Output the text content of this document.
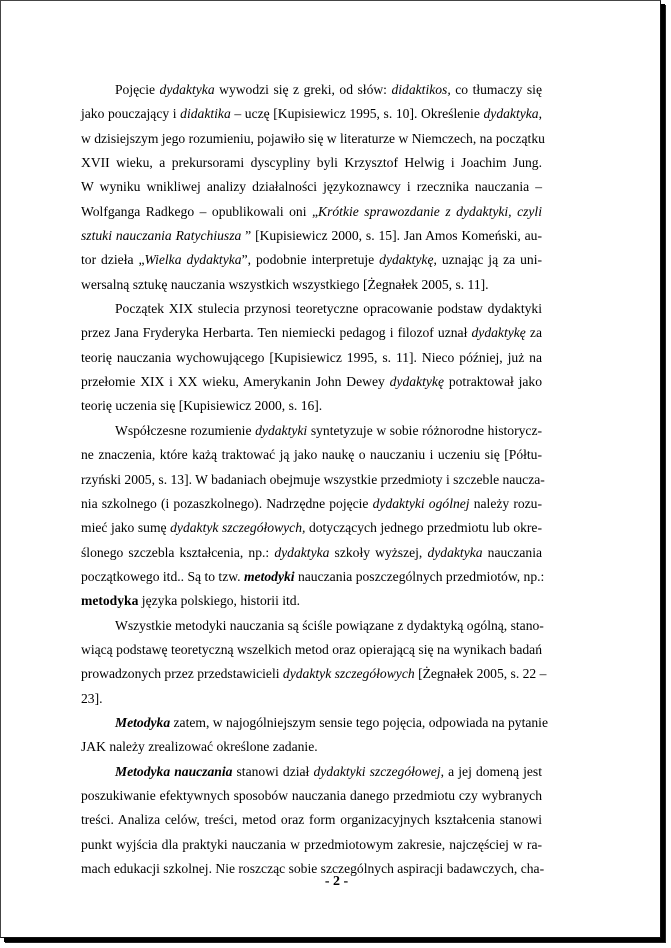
Pojęcie dydaktyka wywodzi się z greki, od słów: didaktikos, co tłumaczy się
jako pouczający i didaktika – uczę [Kupisiewicz 1995, s. 10]. Określenie dydaktyka,
w dzisiejszym jego rozumieniu, pojawiło się w literaturze w Niemczech, na początku
XVII wieku, a prekursorami dyscypliny byli Krzysztof Helwig i Joachim Jung.
W wyniku wnikliwej analizy działalności językoznawcy i rzecznika nauczania –
Wolfganga Radkego – opublikowali oni „Krótkie sprawozdanie z dydaktyki, czyli
sztuki nauczania Ratychiusza ” [Kupisiewicz 2000, s. 15]. Jan Amos Komeński, au-
tor dzieła „Wielka dydaktyka”, podobnie interpretuje dydaktykę, uznając ją za uni-
wersalną sztukę nauczania wszystkich wszystkiego [Żegnałek 2005, s. 11].
Początek XIX stulecia przynosi teoretyczne opracowanie podstaw dydaktyki
przez Jana Fryderyka Herbarta. Ten niemiecki pedagog i filozof uznał dydaktykę za
teorię nauczania wychowującego [Kupisiewicz 1995, s. 11]. Nieco później, już na
przełomie XIX i XX wieku, Amerykanin John Dewey dydaktykę potraktował jako
teorię uczenia się [Kupisiewicz 2000, s. 16].
Współczesne rozumienie dydaktyki syntetyzuje w sobie różnorodne historycz-
ne znaczenia, które każą traktować ją jako naukę o nauczaniu i uczeniu się [Półtu-
rzyński 2005, s. 13]. W badaniach obejmuje wszystkie przedmioty i szczeble naucza-
nia szkolnego (i pozaszkolnego). Nadrzędne pojęcie dydaktyki ogólnej należy rozu-
mieć jako sumę dydaktyk szczegółowych, dotyczących jednego przedmiotu lub okre-
ślonego szczebla kształcenia, np.: dydaktyka szkoły wyższej, dydaktyka nauczania
początkowego itd.. Są to tzw. metodyki nauczania poszczególnych przedmiotów, np.:
metodyka języka polskiego, historii itd.
Wszystkie metodyki nauczania są ściśle powiązane z dydaktyką ogólną, stano-
wiącą podstawę teoretyczną wszelkich metod oraz opierającą się na wynikach badań
prowadzonych przez przedstawicieli dydaktyk szczegółowych [Żegnałek 2005, s. 22 –
23].
Metodyka zatem, w najogólniejszym sensie tego pojęcia, odpowiada na pytanie
JAK należy zrealizować określone zadanie.
Metodyka nauczania stanowi dział dydaktyki szczegółowej, a jej domeną jest
poszukiwanie efektywnych sposobów nauczania danego przedmiotu czy wybranych
treści. Analiza celów, treści, metod oraz form organizacyjnych kształcenia stanowi
punkt wyjścia dla praktyki nauczania w przedmiotowym zakresie, najczęściej w ra-
mach edukacji szkolnej. Nie roszcząc sobie szczególnych aspiracji badawczych, cha-
- 2 -
